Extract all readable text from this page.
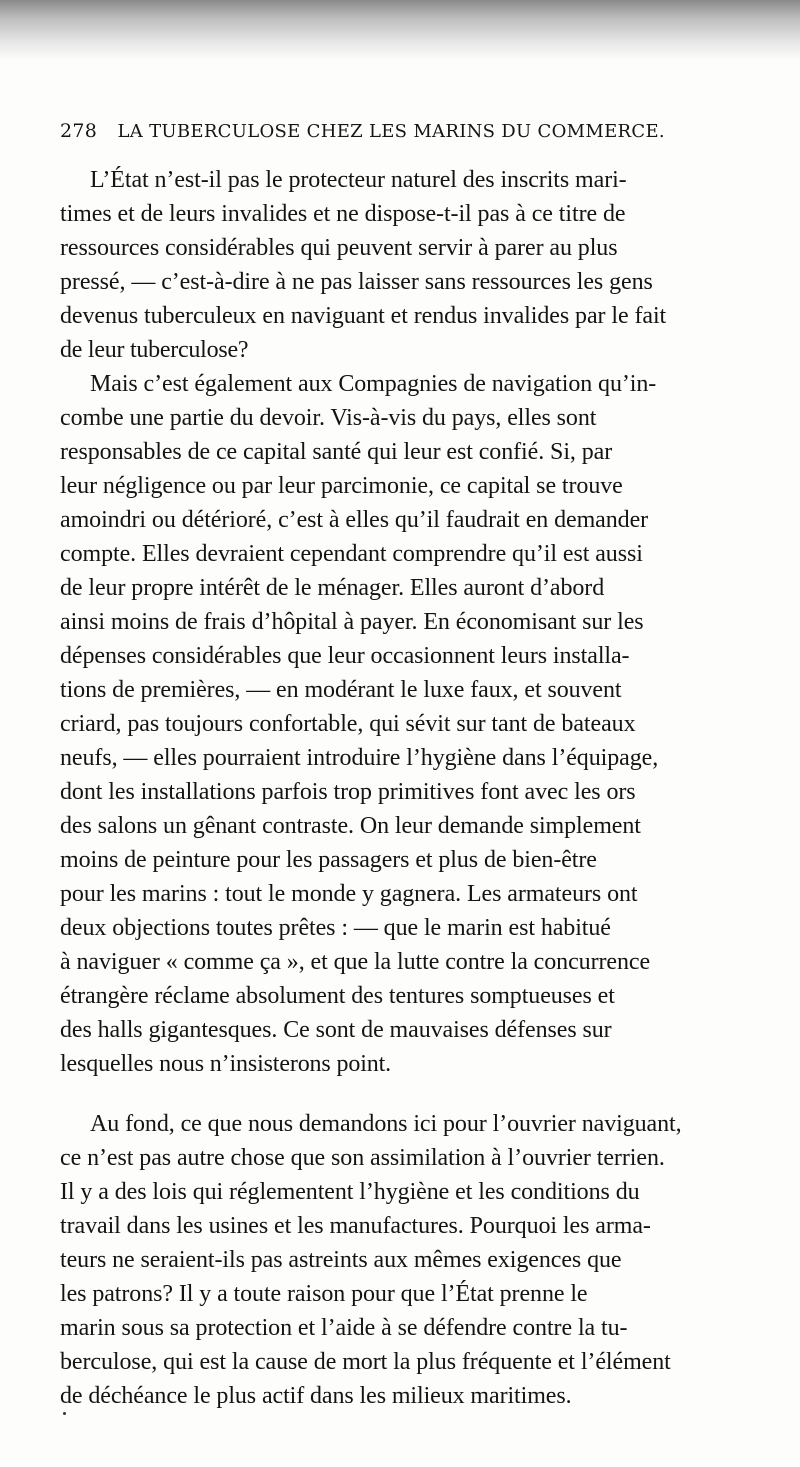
278 LA TUBERCULOSE CHEZ LES MARINS DU COMMERCE.

L’État n’est-il pas le protecteur naturel des inscrits mari-
times et de leurs invalides et ne dispose-t-il pas à ce titre de
ressources considérables qui peuvent servir à parer au plus
pressé, — c’est-à-dire à ne pas laisser sans ressources les gens
devenus tuberculeux en naviguant et rendus invalides par le fait
de leur tuberculose?

Mais c’est également aux Compagnies de navigation qu’in-
combe une partie du devoir. Vis-à-vis du pays, elles sont
responsables de ce capital santé qui leur est confié. Si, par
leur négligence ou par leur parcimonie, ce capital se trouve
amoindri ou détérioré, c’est à elles qu’il faudrait en demander
compte. Elles devraient cependant comprendre qu’il est aussi
de leur propre intérêt de le ménager. Elles auront d’abord
ainsi moins de frais d’hôpital à payer. En économisant sur les
dépenses considérables que leur occasionnent leurs installa-
tions de premières, — en modérant le luxe faux, et souvent
criard, pas toujours confortable, qui sévit sur tant de bateaux
neufs, — elles pourraient introduire l’hygiène dans l’équipage,
dont les installations parfois trop primitives font avec les ors
des salons un gênant contraste. On leur demande simplement
moins de peinture pour les passagers et plus de bien-être
pour les marins : tout le monde y gagnera. Les armateurs ont
deux objections toutes prêtes : — que le marin est habitué
à naviguer « comme ça », et que la lutte contre la concurrence
étrangère réclame absolument des tentures somptueuses et
des halls gigantesques. Ce sont de mauvaises défenses sur
lesquelles nous n’insisterons point.

Au fond, ce que nous demandons ici pour l’ouvrier naviguant,
ce n’est pas autre chose que son assimilation à l’ouvrier terrien.
Il y a des lois qui réglementent l’hygiène et les conditions du
travail dans les usines et les manufactures. Pourquoi les arma-
teurs ne seraient-ils pas astreints aux mêmes exigences que
les patrons? Il y a toute raison pour que l’État prenne le
marin sous sa protection et l’aide à se défendre contre la tu-
berculose, qui est la cause de mort la plus fréquente et l’élément
de déchéance le plus actif dans les milieux maritimes.
